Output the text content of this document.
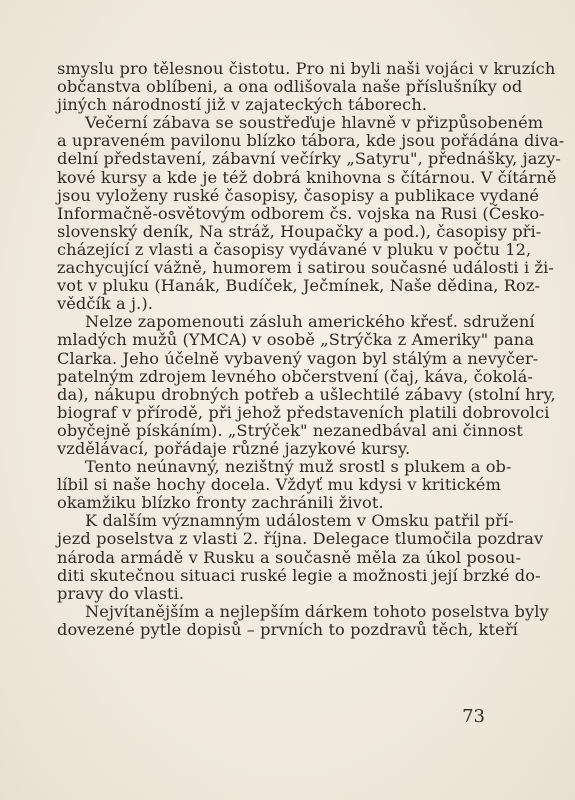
smyslu pro tělesnou čistotu. Pro ni byli naši vojáci v kruzích
občanstva oblíbeni, a ona odlišovala naše příslušníky od
jiných národností již v zajateckých táborech.
Večerní zábava se soustřeďuje hlavně v přizpůsobeném
a upraveném pavilonu blízko tábora, kde jsou pořádána diva-
delní představení, zábavní večírky „Satyru", přednášky, jazy-
kové kursy a kde je též dobrá knihovna s čítárnou. V čítárně
jsou vyloženy ruské časopisy, časopisy a publikace vydané
Informačně-osvětovým odborem čs. vojska na Rusi (Česko-
slovenský deník, Na stráž, Houpačky a pod.), časopisy při-
cházející z vlasti a časopisy vydávané v pluku v počtu 12,
zachycující vážně, humorem i satirou současné události i ži-
vot v pluku (Hanák, Budíček, Ječmínek, Naše dědina, Roz-
vědčík a j.).
Nelze zapomenouti zásluh amerického křesť. sdružení
mladých mužů (YMCA) v osobě „Strýčka z Ameriky" pana
Clarka. Jeho účelně vybavený vagon byl stálým a nevyčer-
patelným zdrojem levného občerstvení (čaj, káva, čokolá-
da), nákupu drobných potřeb a ušlechtilé zábavy (stolní hry,
biograf v přírodě, při jehož představeních platili dobrovolci
obyčejně pískáním). „Strýček" nezanedbával ani činnost
vzdělávací, pořádaje různé jazykové kursy.
Tento neúnavný, nezištný muž srostl s plukem a ob-
líbil si naše hochy docela. Vždyť mu kdysi v kritickém
okamžiku blízko fronty zachránili život.
K dalším významným událostem v Omsku patřil pří-
jezd poselstva z vlasti 2. října. Delegace tlumočila pozdrav
národa armádě v Rusku a současně měla za úkol posou-
diti skutečnou situaci ruské legie a možnosti její brzké do-
pravy do vlasti.
Nejvítanějším a nejlepším dárkem tohoto poselstva byly
dovezené pytle dopisů – prvních to pozdravů těch, kteří
73
